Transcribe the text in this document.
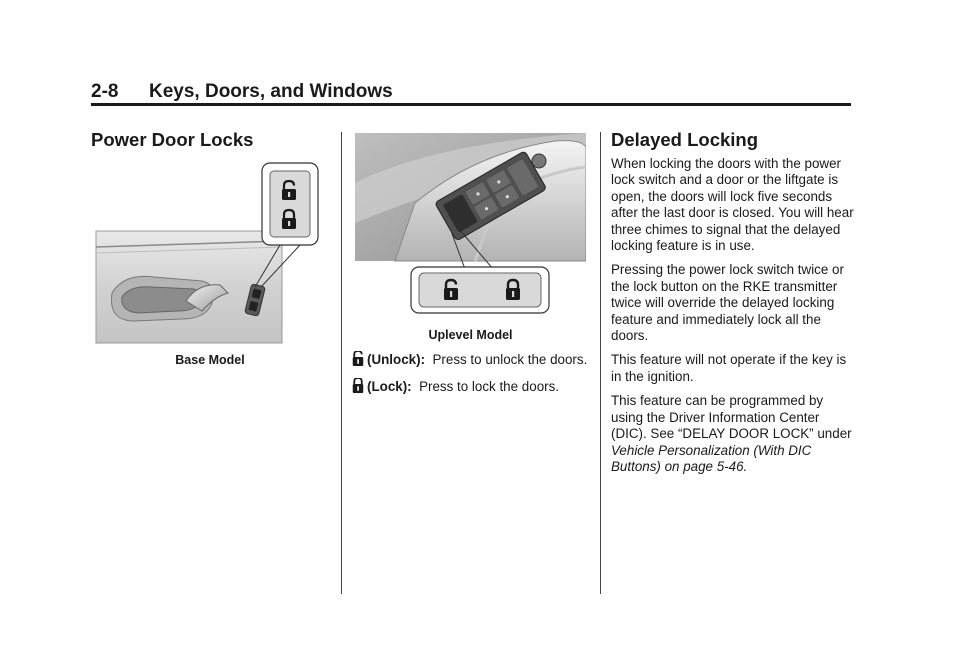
2-8 Keys, Doors, and Windows
Power Door Locks
Base Model
Uplevel Model

(Unlock): Press to unlock the doors.

(Lock): Press to lock the doors.

Delayed Locking

When locking the doors with the power lock switch and a door or the liftgate is open, the doors will lock five seconds after the last door is closed. You will hear three chimes to signal that the delayed locking feature is in use.

Pressing the power lock switch twice or the lock button on the RKE transmitter twice will override the delayed locking feature and immediately lock all the doors.

This feature will not operate if the key is in the ignition.

This feature can be programmed by using the Driver Information Center (DIC). See “DELAY DOOR LOCK” under Vehicle Personalization (With DIC Buttons) on page 5-46.
